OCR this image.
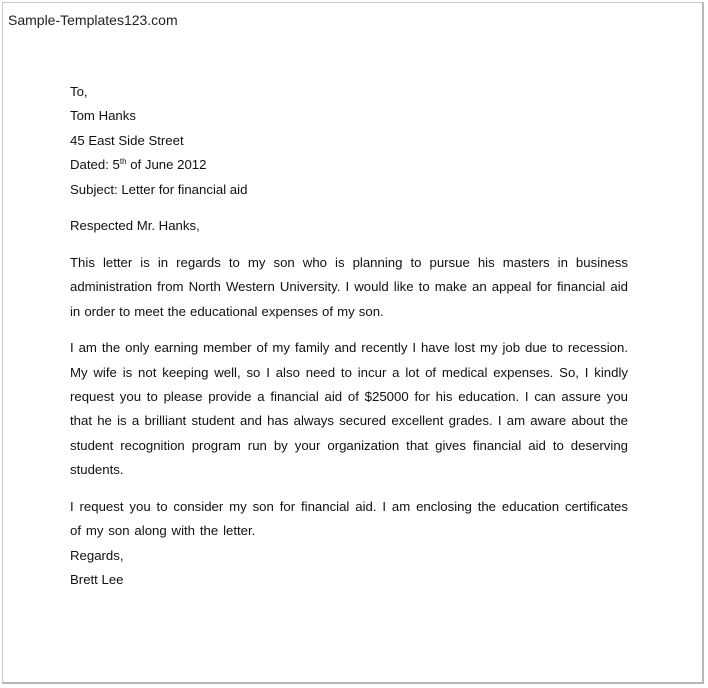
Sample-Templates123.com
To,
Tom Hanks
45 East Side Street
Dated: 5th of June 2012
Subject: Letter for financial aid
Respected Mr. Hanks,

This letter is in regards to my son who is planning to pursue his masters in business administration from North Western University. I would like to make an appeal for financial aid in order to meet the educational expenses of my son.

I am the only earning member of my family and recently I have lost my job due to recession. My wife is not keeping well, so I also need to incur a lot of medical expenses. So, I kindly request you to please provide a financial aid of $25000 for his education. I can assure you that he is a brilliant student and has always secured excellent grades. I am aware about the student recognition program run by your organization that gives financial aid to deserving students.

I request you to consider my son for financial aid. I am enclosing the education certificates of my son along with the letter.

Regards,
Brett Lee
